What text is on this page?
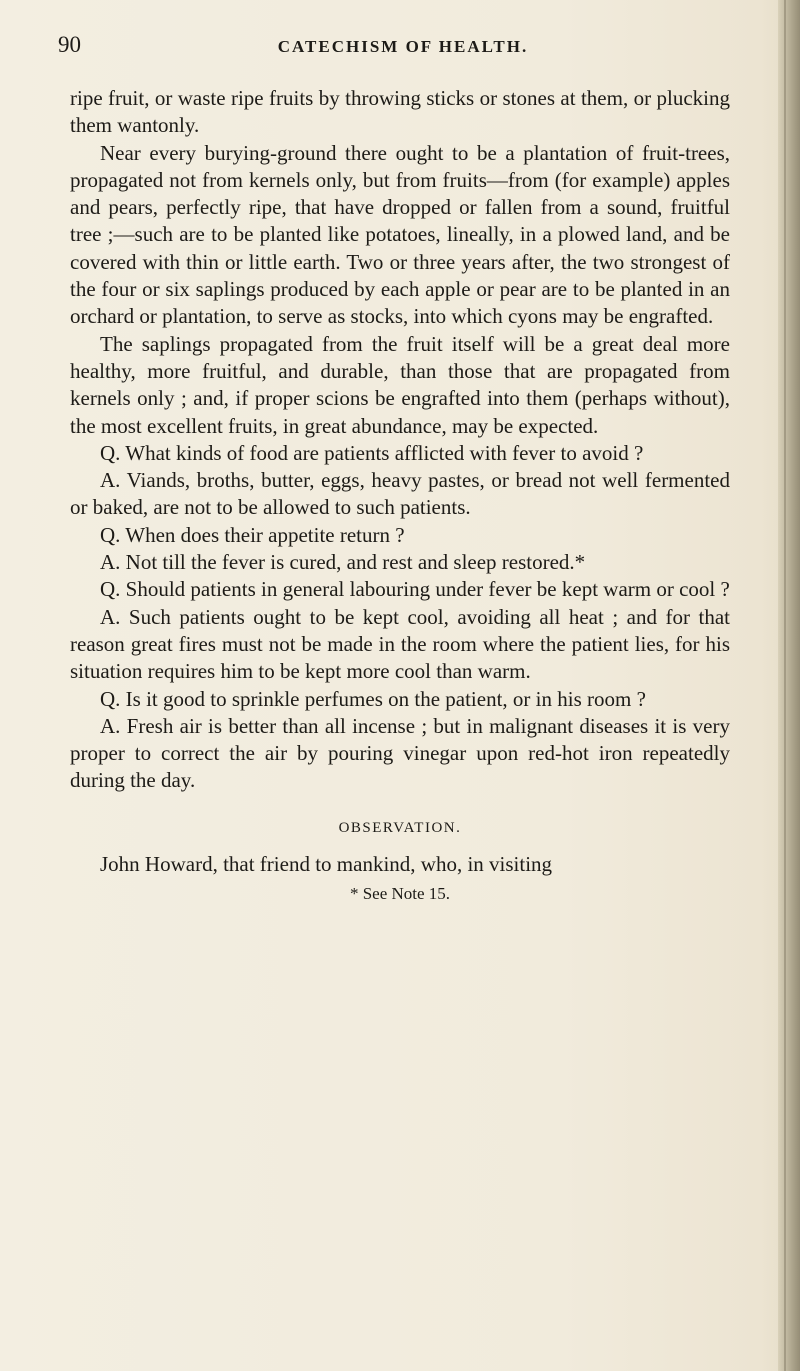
90	CATECHISM OF HEALTH.

ripe fruit, or waste ripe fruits by throwing sticks or stones at them, or plucking them wantonly.

Near every burying-ground there ought to be a plantation of fruit-trees, propagated not from kernels only, but from fruits—from (for example) apples and pears, perfectly ripe, that have dropped or fallen from a sound, fruitful tree ;—such are to be planted like potatoes, lineally, in a plowed land, and be covered with thin or little earth. Two or three years after, the two strongest of the four or six saplings produced by each apple or pear are to be planted in an orchard or plantation, to serve as stocks, into which cyons may be engrafted.

The saplings propagated from the fruit itself will be a great deal more healthy, more fruitful, and durable, than those that are propagated from kernels only ; and, if proper scions be engrafted into them (perhaps without), the most excellent fruits, in great abundance, may be expected.

Q. What kinds of food are patients afflicted with fever to avoid ?

A. Viands, broths, butter, eggs, heavy pastes, or bread not well fermented or baked, are not to be allowed to such patients.

Q. When does their appetite return ?

A. Not till the fever is cured, and rest and sleep restored.*

Q. Should patients in general labouring under fever be kept warm or cool ?

A. Such patients ought to be kept cool, avoiding all heat ; and for that reason great fires must not be made in the room where the patient lies, for his situation requires him to be kept more cool than warm.

Q. Is it good to sprinkle perfumes on the patient, or in his room ?

A. Fresh air is better than all incense ; but in malignant diseases it is very proper to correct the air by pouring vinegar upon red-hot iron repeatedly during the day.

OBSERVATION.

John Howard, that friend to mankind, who, in visiting

* See Note 15.
